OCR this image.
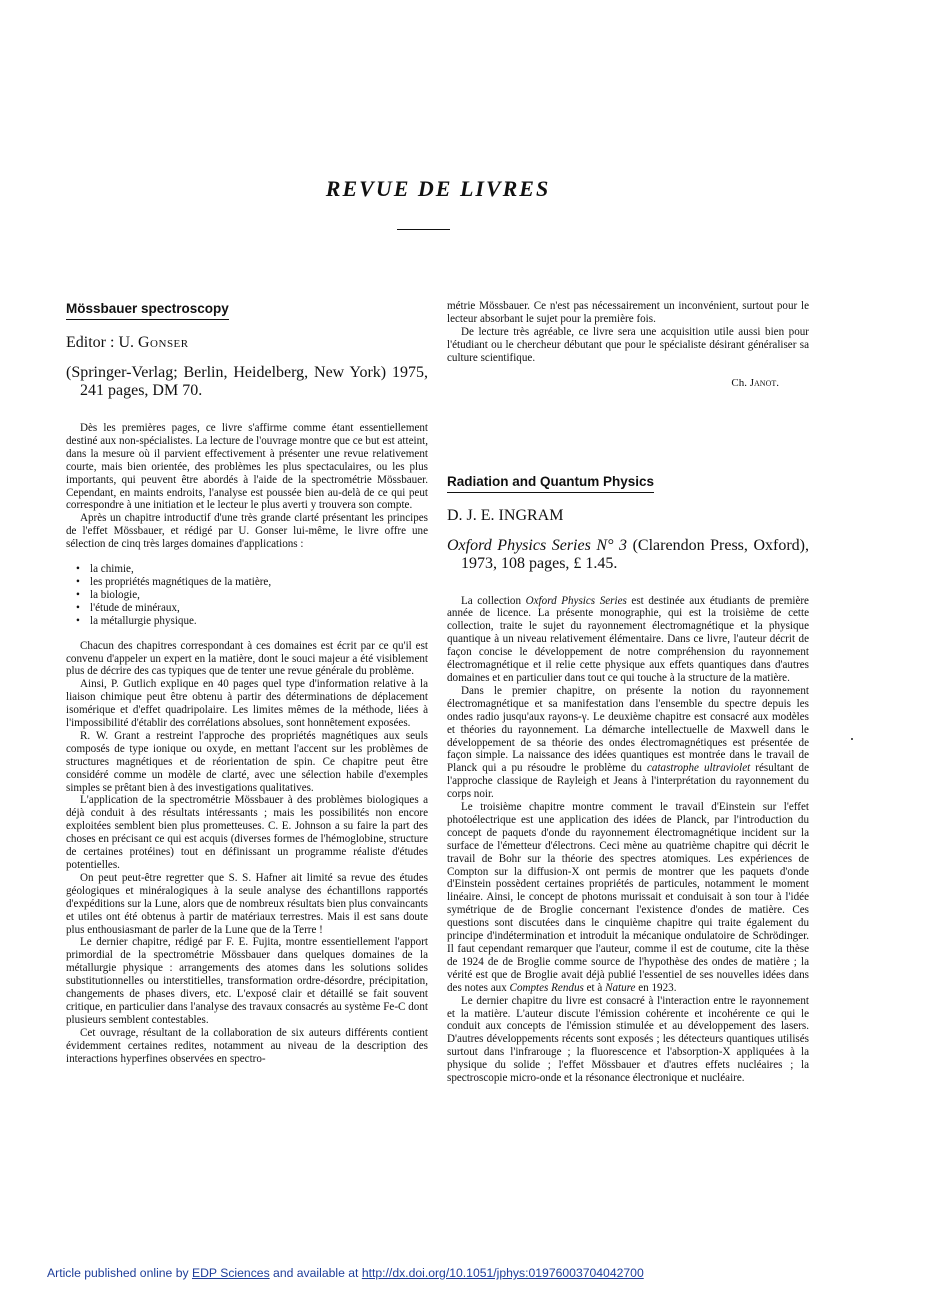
REVUE DE LIVRES
Mössbauer spectroscopy

Editor : U. Gonser

(Springer-Verlag; Berlin, Heidelberg, New York) 1975, 241 pages, DM 70.

Dès les premières pages, ce livre s'affirme comme étant essentiellement destiné aux non-spécialistes. La lecture de l'ouvrage montre que ce but est atteint, dans la mesure où il parvient effectivement à présenter une revue relativement courte, mais bien orientée, des problèmes les plus spectaculaires, ou les plus importants, qui peuvent être abordés à l'aide de la spectrométrie Mössbauer. Cependant, en maints endroits, l'analyse est poussée bien au-delà de ce qui peut correspondre à une initiation et le lecteur le plus averti y trouvera son compte.

Après un chapitre introductif d'une très grande clarté présentant les principes de l'effet Mössbauer, et rédigé par U. Gonser lui-même, le livre offre une sélection de cinq très larges domaines d'applications :

• la chimie,
• les propriétés magnétiques de la matière,
• la biologie,
• l'étude de minéraux,
• la métallurgie physique.

Chacun des chapitres correspondant à ces domaines est écrit par ce qu'il est convenu d'appeler un expert en la matière, dont le souci majeur a été visiblement plus de décrire des cas typiques que de tenter une revue générale du problème.

Ainsi, P. Gutlich explique en 40 pages quel type d'information relative à la liaison chimique peut être obtenu à partir des déterminations de déplacement isomérique et d'effet quadripolaire. Les limites mêmes de la méthode, liées à l'impossibilité d'établir des corrélations absolues, sont honnêtement exposées.

R. W. Grant a restreint l'approche des propriétés magnétiques aux seuls composés de type ionique ou oxyde, en mettant l'accent sur les problèmes de structures magnétiques et de réorientation de spin. Ce chapitre peut être considéré comme un modèle de clarté, avec une sélection habile d'exemples simples se prêtant bien à des investigations qualitatives.

L'application de la spectrométrie Mössbauer à des problèmes biologiques a déjà conduit à des résultats intéressants ; mais les possibilités non encore exploitées semblent bien plus prometteuses. C. E. Johnson a su faire la part des choses en précisant ce qui est acquis (diverses formes de l'hémoglobine, structure de certaines protéines) tout en définissant un programme réaliste d'études potentielles.

On peut peut-être regretter que S. S. Hafner ait limité sa revue des études géologiques et minéralogiques à la seule analyse des échantillons rapportés d'expéditions sur la Lune, alors que de nombreux résultats bien plus convaincants et utiles ont été obtenus à partir de matériaux terrestres. Mais il est sans doute plus enthousiasmant de parler de la Lune que de la Terre !

Le dernier chapitre, rédigé par F. E. Fujita, montre essentiellement l'apport primordial de la spectrométrie Mössbauer dans quelques domaines de la métallurgie physique : arrangements des atomes dans les solutions solides substitutionnelles ou interstitielles, transformation ordre-désordre, précipitation, changements de phases divers, etc. L'exposé clair et détaillé se fait souvent critique, en particulier dans l'analyse des travaux consacrés au système Fe-C dont plusieurs semblent contestables.

Cet ouvrage, résultant de la collaboration de six auteurs différents contient évidemment certaines redites, notamment au niveau de la description des interactions hyperfines observées en spectro-

métrie Mössbauer. Ce n'est pas nécessairement un inconvénient, surtout pour le lecteur absorbant le sujet pour la première fois.

De lecture très agréable, ce livre sera une acquisition utile aussi bien pour l'étudiant ou le chercheur débutant que pour le spécialiste désirant généraliser sa culture scientifique.

Ch. Janot.

Radiation and Quantum Physics

D. J. E. INGRAM

Oxford Physics Series N° 3 (Clarendon Press, Oxford), 1973, 108 pages, £ 1.45.

La collection Oxford Physics Series est destinée aux étudiants de première année de licence. La présente monographie, qui est la troisième de cette collection, traite le sujet du rayonnement électromagnétique et la physique quantique à un niveau relativement élémentaire. Dans ce livre, l'auteur décrit de façon concise le développement de notre compréhension du rayonnement électromagnétique et il relie cette physique aux effets quantiques dans d'autres domaines et en particulier dans tout ce qui touche à la structure de la matière.

Dans le premier chapitre, on présente la notion du rayonnement électromagnétique et sa manifestation dans l'ensemble du spectre depuis les ondes radio jusqu'aux rayons-γ. Le deuxième chapitre est consacré aux modèles et théories du rayonnement. La démarche intellectuelle de Maxwell dans le développement de sa théorie des ondes électromagnétiques est présentée de façon simple. La naissance des idées quantiques est montrée dans le travail de Planck qui a pu résoudre le problème du catastrophe ultraviolet résultant de l'approche classique de Rayleigh et Jeans à l'interprétation du rayonnement du corps noir.

Le troisième chapitre montre comment le travail d'Einstein sur l'effet photoélectrique est une application des idées de Planck, par l'introduction du concept de paquets d'onde du rayonnement électromagnétique incident sur la surface de l'émetteur d'électrons. Ceci mène au quatrième chapitre qui décrit le travail de Bohr sur la théorie des spectres atomiques. Les expériences de Compton sur la diffusion-X ont permis de montrer que les paquets d'onde d'Einstein possèdent certaines propriétés de particules, notamment le moment linéaire. Ainsi, le concept de photons murissait et conduisait à son tour à l'idée symétrique de de Broglie concernant l'existence d'ondes de matière. Ces questions sont discutées dans le cinquième chapitre qui traite également du principe d'indétermination et introduit la mécanique ondulatoire de Schrödinger. Il faut cependant remarquer que l'auteur, comme il est de coutume, cite la thèse de 1924 de de Broglie comme source de l'hypothèse des ondes de matière ; la vérité est que de Broglie avait déjà publié l'essentiel de ses nouvelles idées dans des notes aux Comptes Rendus et à Nature en 1923.

Le dernier chapitre du livre est consacré à l'interaction entre le rayonnement et la matière. L'auteur discute l'émission cohérente et incohérente ce qui le conduit aux concepts de l'émission stimulée et au développement des lasers. D'autres développements récents sont exposés ; les détecteurs quantiques utilisés surtout dans l'infrarouge ; la fluorescence et l'absorption-X appliquées à la physique du solide ; l'effet Mössbauer et d'autres effets nucléaires ; la spectroscopie micro-onde et la résonance électronique et nucléaire.

Article published online by EDP Sciences and available at http://dx.doi.org/10.1051/jphys:01976003704042700
